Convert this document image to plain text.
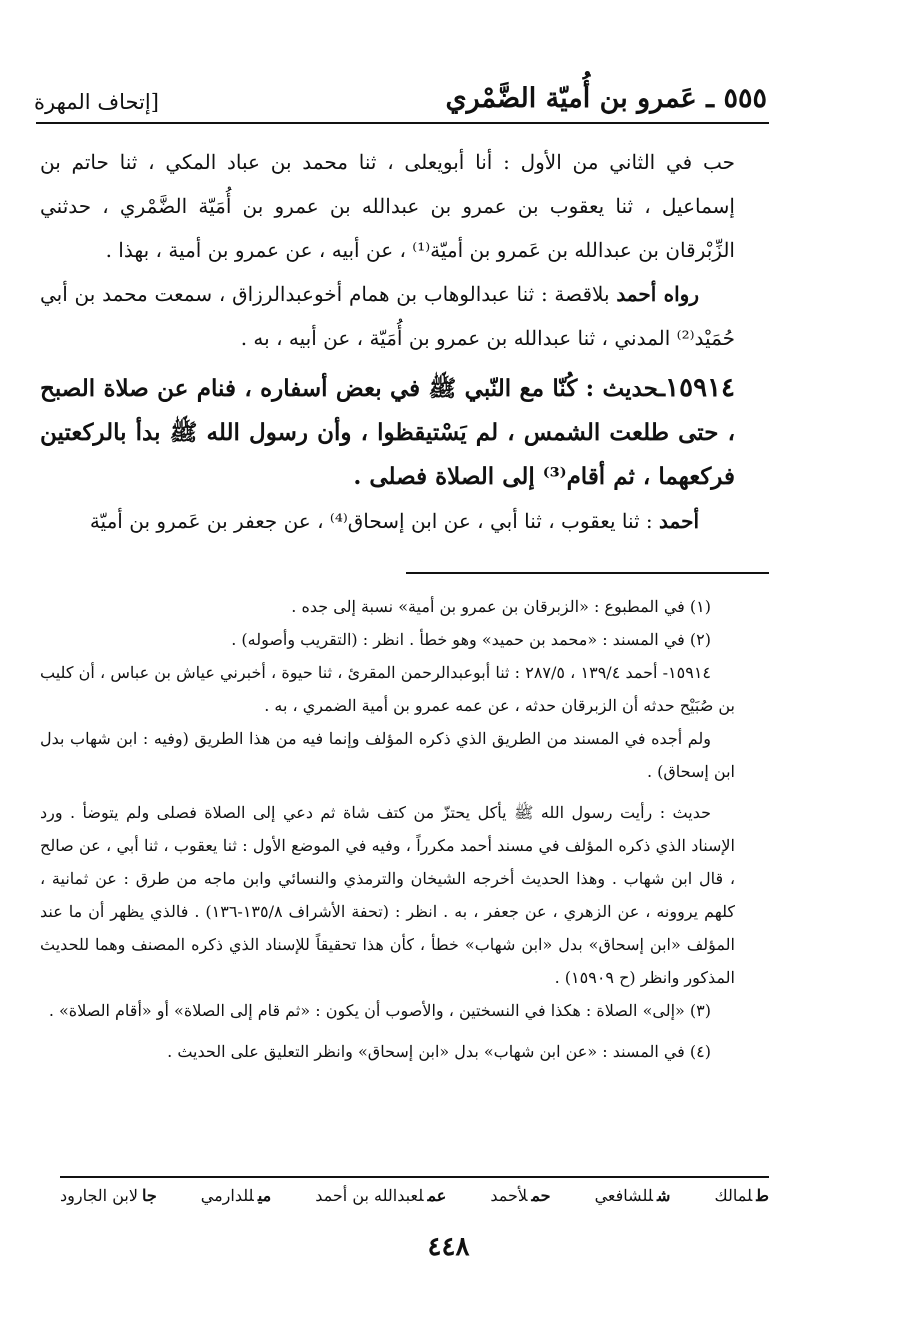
٥٥٥ ـ عَمرو بن أُميّة الضَّمْري
[إتحاف المهرة

حب في الثاني من الأول : أنا أبويعلى ، ثنا محمد بن عباد المكي ، ثنا حاتم بن إسماعيل ، ثنا يعقوب بن عمرو بن عبدالله بن عمرو بن أُمَيّة الضَّمْري ، حدثني الزِّبْرقان بن عبدالله بن عَمرو بن أميّة⁽¹⁾ ، عن أبيه ، عن عمرو بن أمية ، بهذا .

رواه أحمد بلاقصة : ثنا عبدالوهاب بن همام أخوعبدالرزاق ، سمعت محمد بن أبي حُمَيْد⁽²⁾ المدني ، ثنا عبدالله بن عمرو بن أُمَيّة ، عن أبيه ، به .

١٥٩١٤ـحديث : كُنّا مع النّبي ﷺ في بعض أسفاره ، فنام عن صلاة الصبح ، حتى طلعت الشمس ، لم يَسْتيقظوا ، وأن رسول الله ﷺ بدأ بالركعتين فركعهما ، ثم أقام⁽³⁾ إلى الصلاة فصلى .

أحمد : ثنا يعقوب ، ثنا أبي ، عن ابن إسحاق⁽⁴⁾ ، عن جعفر بن عَمرو بن أميّة

(١) في المطبوع : «الزبرقان بن عمرو بن أمية» نسبة إلى جده .

(٢) في المسند : «محمد بن حميد» وهو خطأ . انظر : (التقريب وأصوله) .

١٥٩١٤- أحمد ١٣٩/٤ ، ٢٨٧/٥ : ثنا أبوعبدالرحمن المقرئ ، ثنا حيوة ، أخبرني عياش بن عباس ، أن كليب بن صُبَيْح حدثه أن الزبرقان حدثه ، عن عمه عمرو بن أمية الضمري ، به .

ولم أجده في المسند من الطريق الذي ذكره المؤلف وإنما فيه من هذا الطريق (وفيه : ابن شهاب بدل ابن إسحاق) .

حديث : رأيت رسول الله ﷺ يأكل يحتزّ من كتف شاة ثم دعي إلى الصلاة فصلى ولم يتوضأ . ورد الإسناد الذي ذكره المؤلف في مسند أحمد مكرراً ، وفيه في الموضع الأول : ثنا يعقوب ، ثنا أبي ، عن صالح ، قال ابن شهاب . وهذا الحديث أخرجه الشيخان والترمذي والنسائي وابن ماجه من طرق : عن ثمانية ، كلهم يروونه ، عن الزهري ، عن جعفر ، به . انظر : (تحفة الأشراف ١٣٥/٨-١٣٦) . فالذي يظهر أن ما عند المؤلف «ابن إسحاق» بدل «ابن شهاب» خطأ ، كأن هذا تحقيقاً للإسناد الذي ذكره المصنف وهما للحديث المذكور وانظر (ح ١٥٩٠٩) .

(٣) «إلى» الصلاة : هكذا في النسختين ، والأصوب أن يكون : «ثم قام إلى الصلاة» أو «أقام الصلاة» .

(٤) في المسند : «عن ابن شهاب» بدل «ابن إسحاق» وانظر التعليق على الحديث .

طلمالك
شللشافعي
حملأحمد
عملعبدالله بن أحمد
ميللدارمي
جالابن الجارود
٤٤٨
